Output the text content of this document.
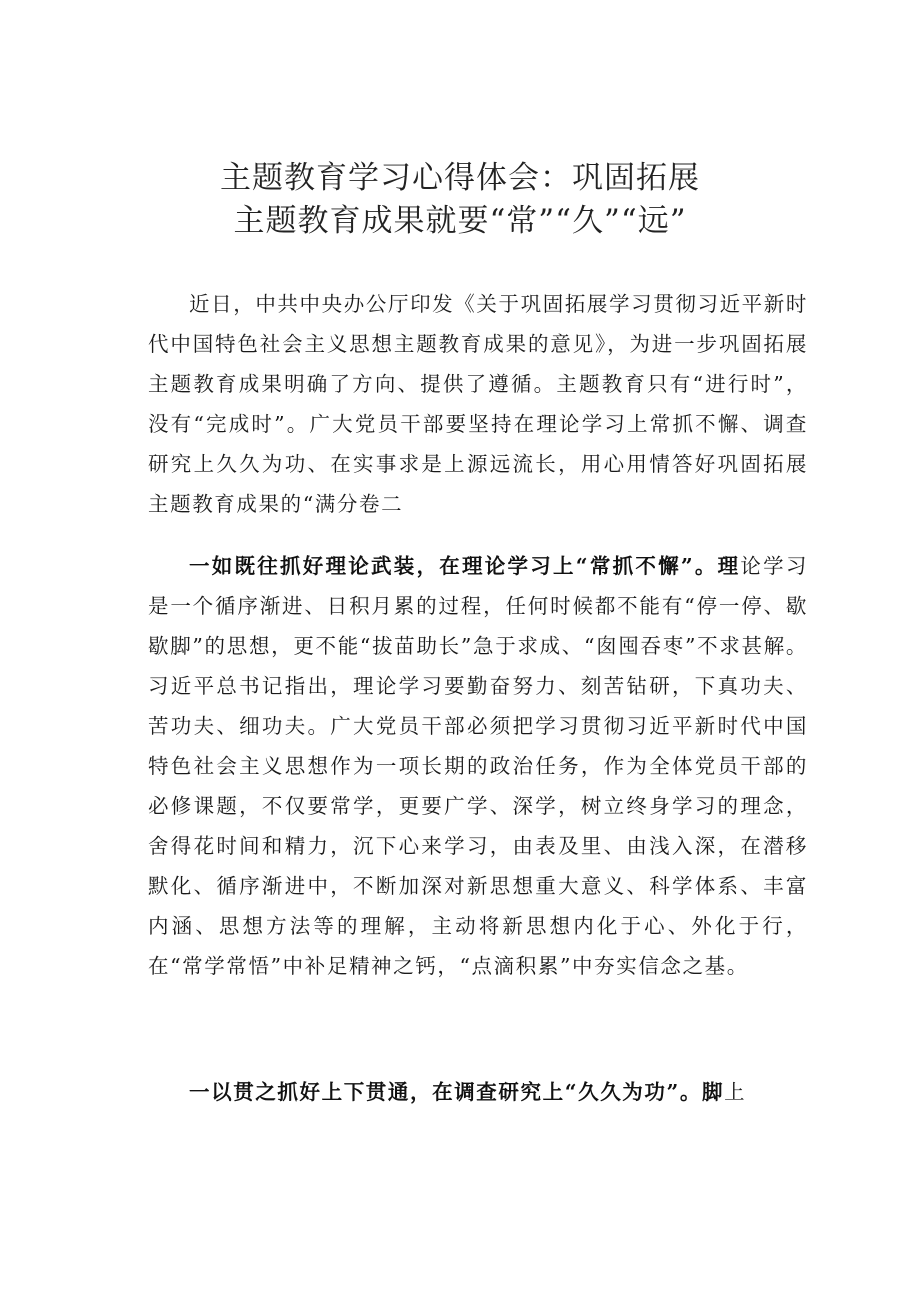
主题教育学习心得体会：巩固拓展
主题教育成果就要“常”“久”“远”

近日，中共中央办公厅印发《关于巩固拓展学习贯彻习近平新时代中国特色社会主义思想主题教育成果的意见》，为进一步巩固拓展主题教育成果明确了方向、提供了遵循。主题教育只有“进行时”，没有“完成时”。广大党员干部要坚持在理论学习上常抓不懈、调查研究上久久为功、在实事求是上源远流长，用心用情答好巩固拓展主题教育成果的“满分卷二

一如既往抓好理论武装，在理论学习上“常抓不懈”。理论学习是一个循序渐进、日积月累的过程，任何时候都不能有“停一停、歇歇脚”的思想，更不能“拔苗助长”急于求成、“囱囤吞枣”不求甚解。习近平总书记指出，理论学习要勤奋努力、刻苦钻研，下真功夫、苦功夫、细功夫。广大党员干部必须把学习贯彻习近平新时代中国特色社会主义思想作为一项长期的政治任务，作为全体党员干部的必修课题，不仅要常学，更要广学、深学，树立终身学习的理念，舍得花时间和精力，沉下心来学习，由表及里、由浅入深，在潜移默化、循序渐进中，不断加深对新思想重大意义、科学体系、丰富内涵、思想方法等的理解，主动将新思想内化于心、外化于行，在“常学常悟”中补足精神之钙，“点滴积累”中夯实信念之基。

一以贯之抓好上下贯通，在调查研究上“久久为功”。脚上
